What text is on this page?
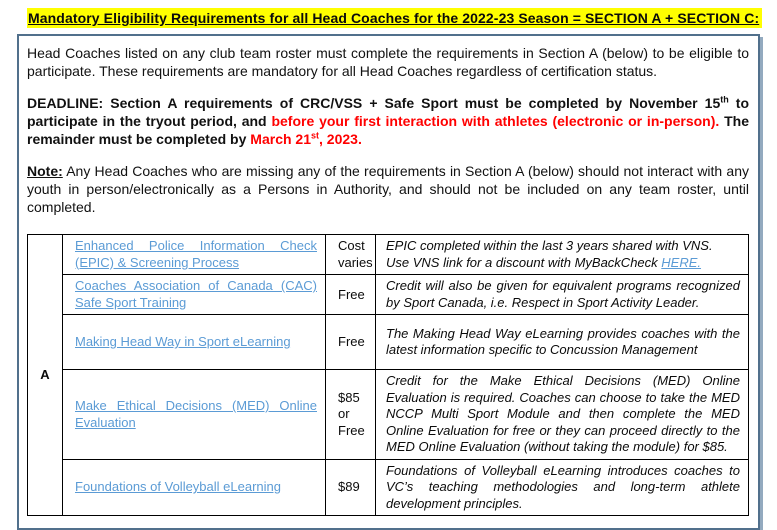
Mandatory Eligibility Requirements for all Head Coaches for the 2022-23 Season = SECTION A + SECTION C:

Head Coaches listed on any club team roster must complete the requirements in Section A (below) to be eligible to participate. These requirements are mandatory for all Head Coaches regardless of certification status.

DEADLINE: Section A requirements of CRC/VSS + Safe Sport must be completed by November 15th to participate in the tryout period, and before your first interaction with athletes (electronic or in-person). The remainder must be completed by March 21st, 2023.

Note: Any Head Coaches who are missing any of the requirements in Section A (below) should not interact with any youth in person/electronically as a Persons in Authority, and should not be included on any team roster, until completed.

A	Enhanced Police Information Check (EPIC) & Screening Process	Cost varies	EPIC completed within the last 3 years shared with VNS.
Use VNS link for a discount with MyBackCheck HERE.

	Coaches Association of Canada (CAC) Safe Sport Training	Free	Credit will also be given for equivalent programs recognized by Sport Canada, i.e. Respect in Sport Activity Leader.
	Making Head Way in Sport eLearning	Free	The Making Head Way eLearning provides coaches with the latest information specific to Concussion Management
	Make Ethical Decisions (MED) Online Evaluation	$85 or Free	Credit for the Make Ethical Decisions (MED) Online Evaluation is required. Coaches can choose to take the MED NCCP Multi Sport Module and then complete the MED Online Evaluation for free or they can proceed directly to the MED Online Evaluation (without taking the module) for $85.
	Foundations of Volleyball eLearning	$89	Foundations of Volleyball eLearning introduces coaches to VC’s teaching methodologies and long-term athlete development principles.
